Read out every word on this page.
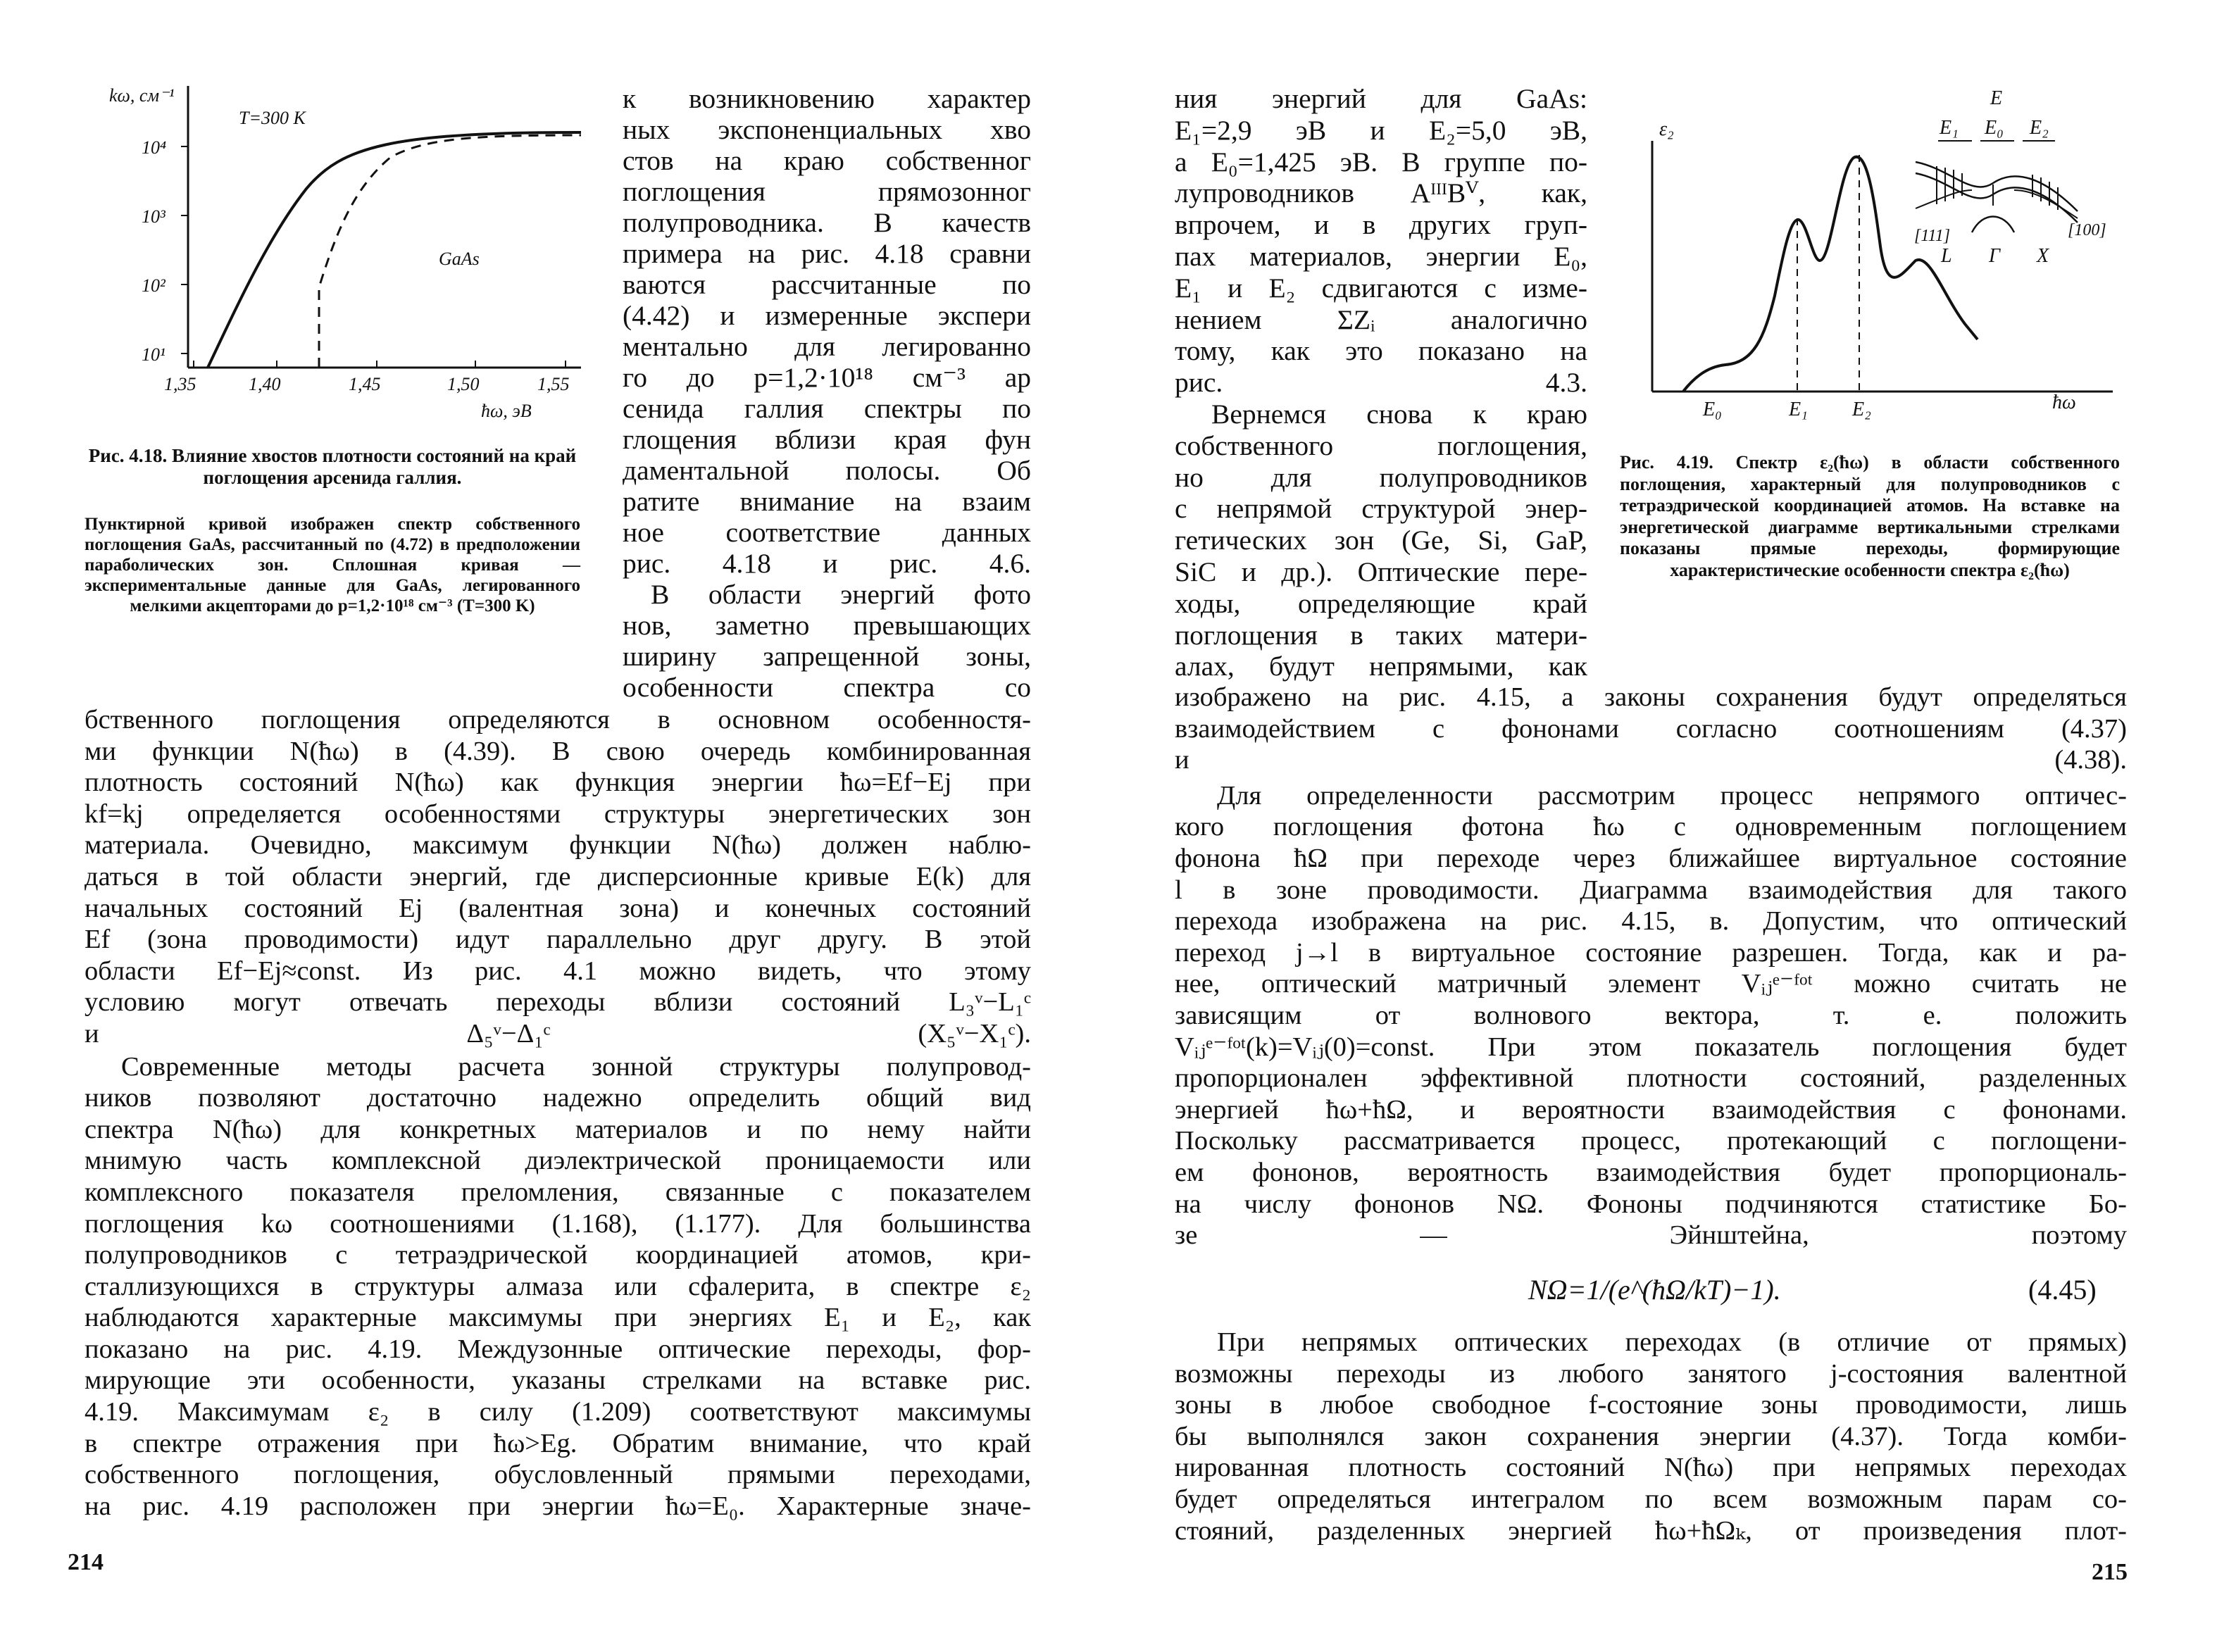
kω, см⁻¹
10⁴
10³
10²
10¹
1,35	1,40	1,45	1,50	1,55
ħω, эВ
T=300 K
GaAs

Рис. 4.18. Влияние хвостов плотности состояний на край поглощения арсенида галлия.

Пунктирной кривой изображен спектр собственного поглощения GaAs, рассчитанный по (4.72) в предположении параболических зон. Сплошная кривая — экспериментальные данные для GaAs, легированного мелкими акцепторами до p=1,2·10¹⁸ см⁻³ (T=300 K)

к возникновению характер
ных экспоненциальных хво
стов на краю собственног
поглощения прямозонног
полупроводника. В качеств
примера на рис. 4.18 сравни
ваются рассчитанные по
(4.42) и измеренные экспери
ментально для легированно
го до p=1,2·10¹⁸ см⁻³ ар
сенида галлия спектры по
глощения вблизи края фун
даментальной полосы. Об
ратите внимание на взаим
ное соответствие данных
рис. 4.18 и рис. 4.6.
В области энергий фото
нов, заметно превышающих
ширину запрещенной зоны,
особенности спектра со

бственного поглощения определяются в основном особенностя-
ми функции N(ħω) в (4.39). В свою очередь комбинированная
плотность состояний N(ħω) как функция энергии ħω=Ef−Ej при
kf=kj определяется особенностями структуры энергетических зон
материала. Очевидно, максимум функции N(ħω) должен наблю-
даться в той области энергий, где дисперсионные кривые E(k) для
начальных состояний Ej (валентная зона) и конечных состояний
Ef (зона проводимости) идут параллельно друг другу. В этой
области Ef−Ej≈const. Из рис. 4.1 можно видеть, что этому
условию могут отвечать переходы вблизи состояний L₃ᵛ−L₁ᶜ
и Δ₅ᵛ−Δ₁ᶜ (X₅ᵛ−X₁ᶜ).

Современные методы расчета зонной структуры полупровод-
ников позволяют достаточно надежно определить общий вид
спектра N(ħω) для конкретных материалов и по нему найти
мнимую часть комплексной диэлектрической проницаемости или
комплексного показателя преломления, связанные с показателем
поглощения kω соотношениями (1.168), (1.177). Для большинства
полупроводников с тетраэдрической координацией атомов, кри-
сталлизующихся в структуры алмаза или сфалерита, в спектре ε₂
наблюдаются характерные максимумы при энергиях E₁ и E₂, как
показано на рис. 4.19. Междузонные оптические переходы, фор-
мирующие эти особенности, указаны стрелками на вставке рис.
4.19. Максимумам ε₂ в силу (1.209) соответствуют максимумы
в спектре отражения при ħω>Eg. Обратим внимание, что край
собственного поглощения, обусловленный прямыми переходами,
на рис. 4.19 расположен при энергии ħω=E₀. Характерные значе-

214

ния энергий для GaAs:
E₁=2,9 эВ и E₂=5,0 эВ,
а E₀=1,425 эВ. В группе по-
лупроводников AᴵᴵᴵBⱽ, как,
впрочем, и в других груп-
пах материалов, энергии E₀,
E₁ и E₂ сдвигаются с изме-
нением ΣZᵢ аналогично
тому, как это показано на
рис. 4.3.
Вернемся снова к краю
собственного поглощения,
но для полупроводников
с непрямой структурой энер-
гетических зон (Ge, Si, GaP,
SiC и др.). Оптические пере-
ходы, определяющие край
поглощения в таких матери-
алах, будут непрямыми, как

ε₂
ħω
E₀	E₁ E₂
E
E₁ E₀ E₂
[111]	[100]
L Г X

Рис. 4.19. Спектр ε₂(ħω) в области собственного поглощения, характерный для полупроводников с тетраэдрической координацией атомов. На вставке на энергетической диаграмме вертикальными стрелками показаны прямые переходы, формирующие характеристические особенности спектра ε₂(ħω)

изображено на рис. 4.15, а законы сохранения будут определяться
взаимодействием с фононами согласно соотношениям (4.37)
и (4.38).

Для определенности рассмотрим процесс непрямого оптичес-
кого поглощения фотона ħω с одновременным поглощением
фонона ħΩ при переходе через ближайшее виртуальное состояние
l в зоне проводимости. Диаграмма взаимодействия для такого
перехода изображена на рис. 4.15, в. Допустим, что оптический
переход j→l в виртуальное состояние разрешен. Тогда, как и ра-
нее, оптический матричный элемент Vᵢⱼᵉ⁻ᶠᵒᵗ можно считать не
зависящим от волнового вектора, т. е. положить
Vᵢⱼᵉ⁻ᶠᵒᵗ(k)=Vᵢⱼ(0)=const. При этом показатель поглощения будет
пропорционален эффективной плотности состояний, разделенных
энергией ħω+ħΩ, и вероятности взаимодействия с фононами.
Поскольку рассматривается процесс, протекающий с поглощени-
ем фононов, вероятность взаимодействия будет пропорциональ-
на числу фононов NΩ. Фононы подчиняются статистике Бо-
зе — Эйнштейна, поэтому

NΩ=1/(e^(ħΩ/kT)−1).	(4.45)

При непрямых оптических переходах (в отличие от прямых)
возможны переходы из любого занятого j-состояния валентной
зоны в любое свободное f-состояние зоны проводимости, лишь
бы выполнялся закон сохранения энергии (4.37). Тогда комби-
нированная плотность состояний N(ħω) при непрямых переходах
будет определяться интегралом по всем возможным парам со-
стояний, разделенных энергией ħω+ħΩₖ, от произведения плот-

215
